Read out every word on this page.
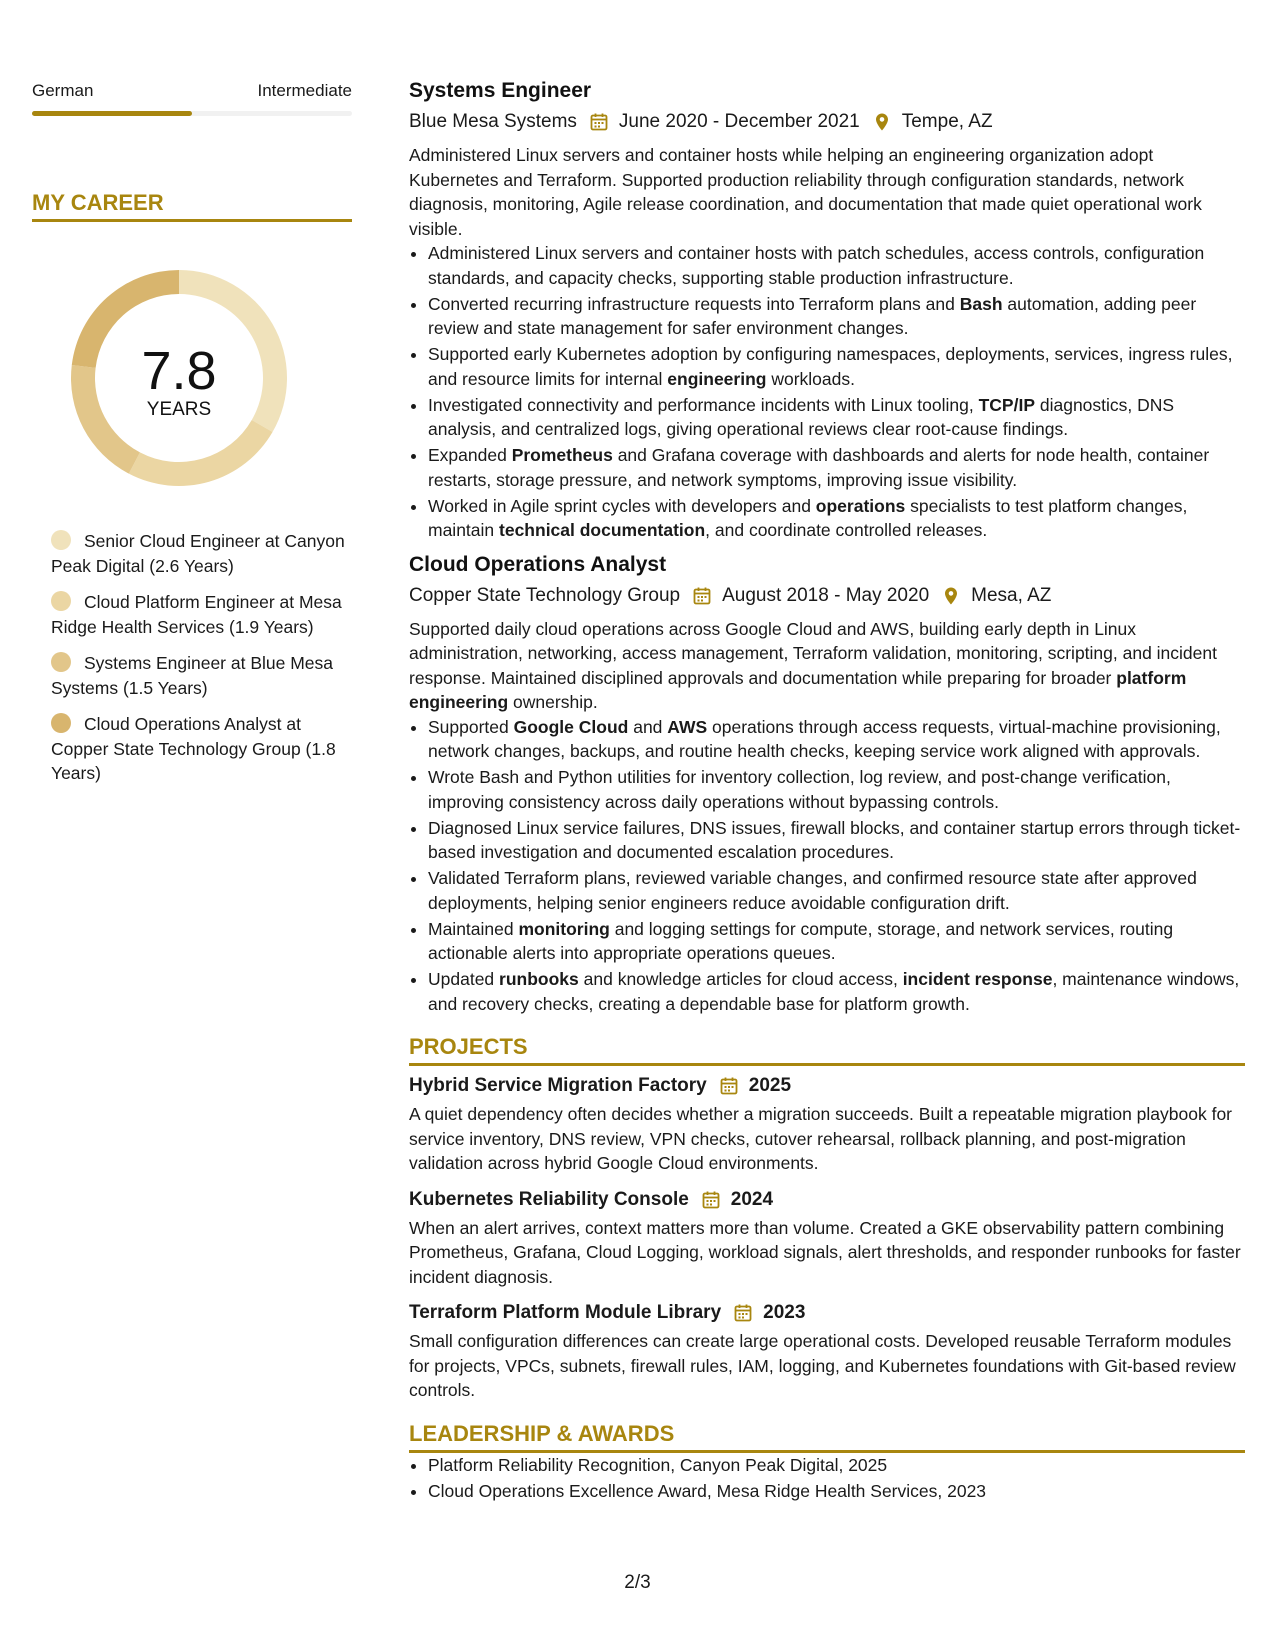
German	Intermediate
MY CAREER
7.8
YEARS
Senior Cloud Engineer at Canyon Peak Digital (2.6 Years)
Cloud Platform Engineer at Mesa Ridge Health Services (1.9 Years)
Systems Engineer at Blue Mesa Systems (1.5 Years)
Cloud Operations Analyst at Copper State Technology Group (1.8 Years)
Systems Engineer
Blue Mesa Systems June 2020 - December 2021 Tempe, AZ
Administered Linux servers and container hosts while helping an engineering organization adopt Kubernetes and Terraform. Supported production reliability through configuration standards, network diagnosis, monitoring, Agile release coordination, and documentation that made quiet operational work visible.
• Administered Linux servers and container hosts with patch schedules, access controls, configuration standards, and capacity checks, supporting stable production infrastructure.
• Converted recurring infrastructure requests into Terraform plans and Bash automation, adding peer review and state management for safer environment changes.
• Supported early Kubernetes adoption by configuring namespaces, deployments, services, ingress rules, and resource limits for internal engineering workloads.
• Investigated connectivity and performance incidents with Linux tooling, TCP/IP diagnostics, DNS analysis, and centralized logs, giving operational reviews clear root-cause findings.
• Expanded Prometheus and Grafana coverage with dashboards and alerts for node health, container restarts, storage pressure, and network symptoms, improving issue visibility.
• Worked in Agile sprint cycles with developers and operations specialists to test platform changes, maintain technical documentation, and coordinate controlled releases.
Cloud Operations Analyst
Copper State Technology Group August 2018 - May 2020 Mesa, AZ
Supported daily cloud operations across Google Cloud and AWS, building early depth in Linux administration, networking, access management, Terraform validation, monitoring, scripting, and incident response. Maintained disciplined approvals and documentation while preparing for broader platform engineering ownership.
• Supported Google Cloud and AWS operations through access requests, virtual-machine provisioning, network changes, backups, and routine health checks, keeping service work aligned with approvals.
• Wrote Bash and Python utilities for inventory collection, log review, and post-change verification, improving consistency across daily operations without bypassing controls.
• Diagnosed Linux service failures, DNS issues, firewall blocks, and container startup errors through ticket-based investigation and documented escalation procedures.
• Validated Terraform plans, reviewed variable changes, and confirmed resource state after approved deployments, helping senior engineers reduce avoidable configuration drift.
• Maintained monitoring and logging settings for compute, storage, and network services, routing actionable alerts into appropriate operations queues.
• Updated runbooks and knowledge articles for cloud access, incident response, maintenance windows, and recovery checks, creating a dependable base for platform growth.
PROJECTS
Hybrid Service Migration Factory 2025
A quiet dependency often decides whether a migration succeeds. Built a repeatable migration playbook for service inventory, DNS review, VPN checks, cutover rehearsal, rollback planning, and post-migration validation across hybrid Google Cloud environments.
Kubernetes Reliability Console 2024
When an alert arrives, context matters more than volume. Created a GKE observability pattern combining Prometheus, Grafana, Cloud Logging, workload signals, alert thresholds, and responder runbooks for faster incident diagnosis.
Terraform Platform Module Library 2023
Small configuration differences can create large operational costs. Developed reusable Terraform modules for projects, VPCs, subnets, firewall rules, IAM, logging, and Kubernetes foundations with Git-based review controls.
LEADERSHIP & AWARDS
• Platform Reliability Recognition, Canyon Peak Digital, 2025
• Cloud Operations Excellence Award, Mesa Ridge Health Services, 2023
2/3
